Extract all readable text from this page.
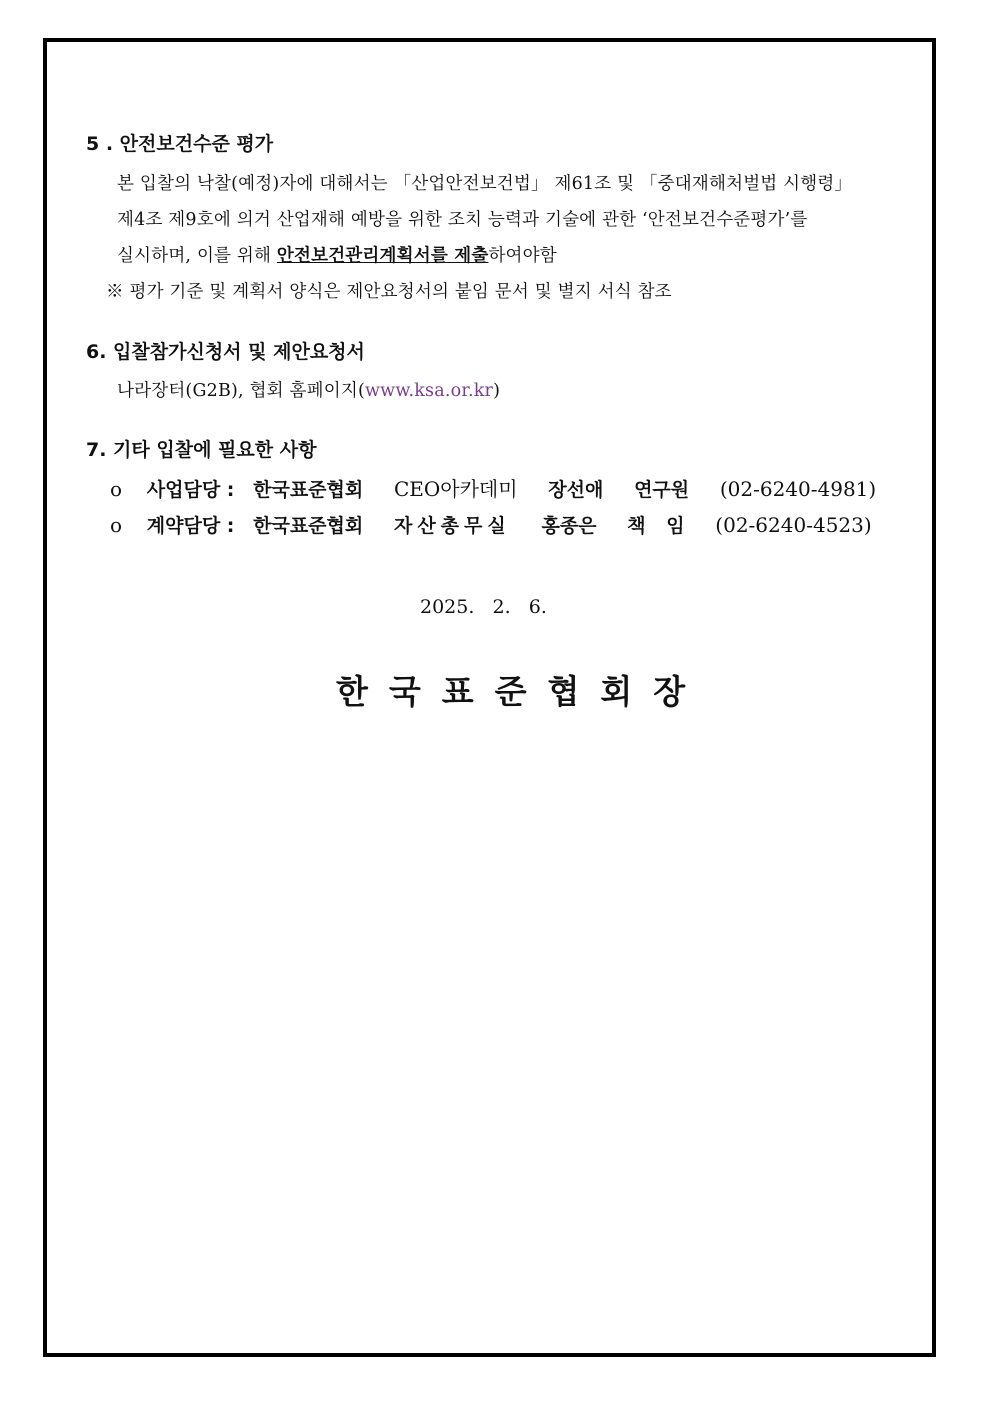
5 . 안전보건수준 평가
본 입찰의 낙찰(예정)자에 대해서는 「산업안전보건법」 제61조 및 「중대재해처벌법 시행령」
제4조 제9호에 의거 산업재해 예방을 위한 조치 능력과 기술에 관한 ‘안전보건수준평가’를
실시하며, 이를 위해 안전보건관리계획서를 제출하여야함
※ 평가 기준 및 계획서 양식은 제안요청서의 붙임 문서 및 별지 서식 참조
6. 입찰참가신청서 및 제안요청서
나라장터(G2B), 협회 홈페이지(www.ksa.or.kr)
7. 기타 입찰에 필요한 사항
o 사업담당 : 한국표준협회 CEO아카데미 장선애 연구원 (02-6240-4981)
o 계약담당 : 한국표준협회 자산총무실 홍종은 책 임 (02-6240-4523)
2025.   2.   6.
한국표준협회장
